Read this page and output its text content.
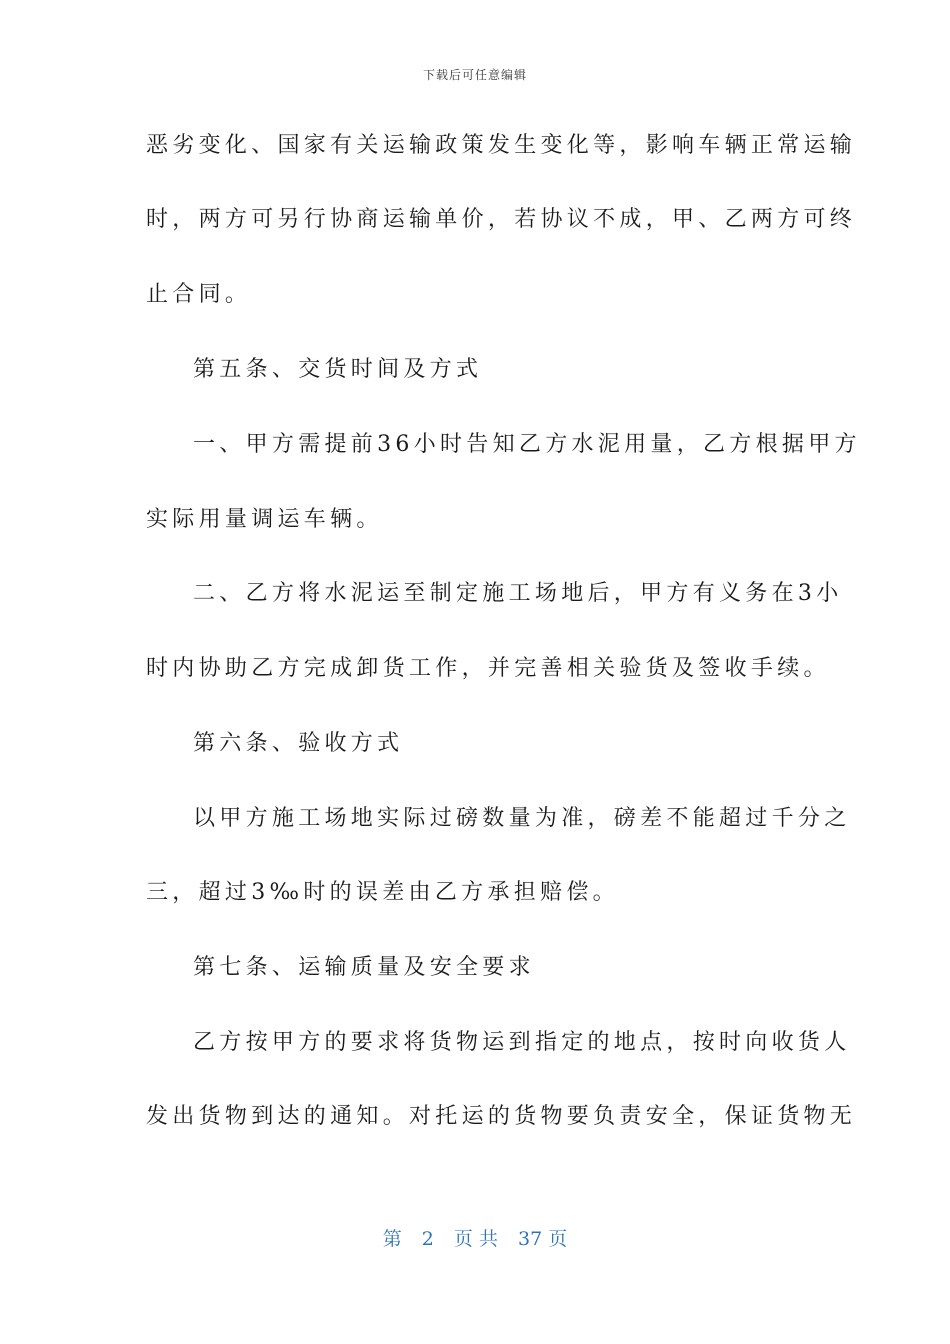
下载后可任意编辑
恶劣变化、国家有关运输政策发生变化等，影响车辆正常运输
时，两方可另行协商运输单价，若协议不成，甲、乙两方可终
止合同。
第五条、交货时间及方式
一、甲方需提前36小时告知乙方水泥用量，乙方根据甲方
实际用量调运车辆。
二、乙方将水泥运至制定施工场地后，甲方有义务在3小
时内协助乙方完成卸货工作，并完善相关验货及签收手续。
第六条、验收方式
以甲方施工场地实际过磅数量为准，磅差不能超过千分之
三，超过3‰时的误差由乙方承担赔偿。
第七条、运输质量及安全要求
乙方按甲方的要求将货物运到指定的地点，按时向收货人
发出货物到达的通知。对托运的货物要负责安全，保证货物无
第 2 页 共 37 页
